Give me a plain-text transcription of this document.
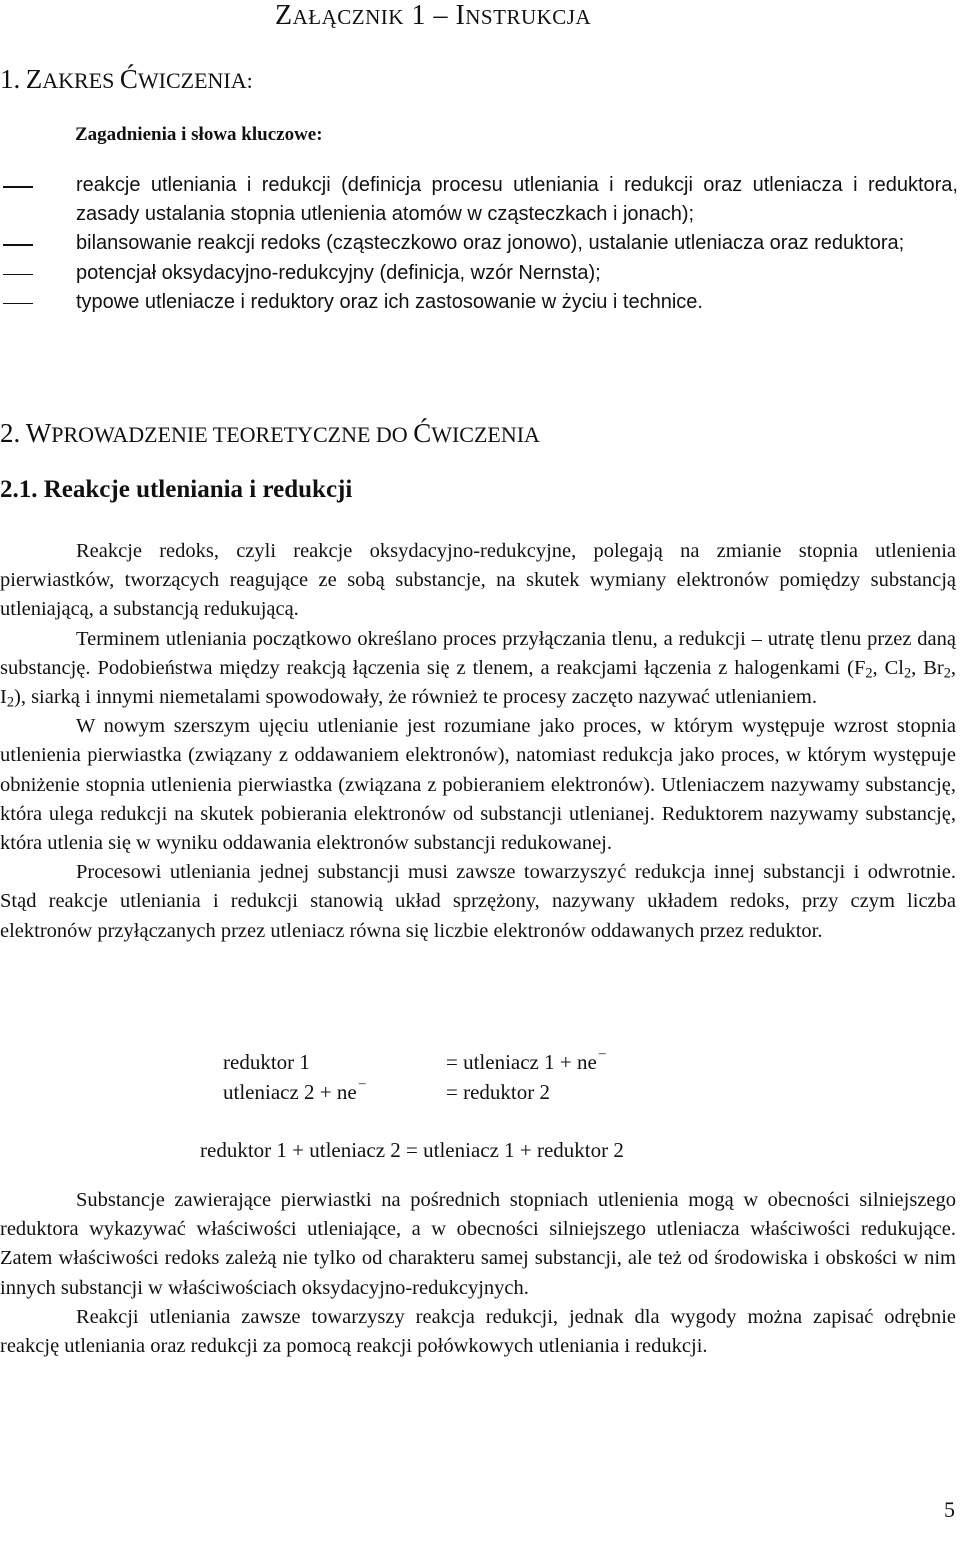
ZAŁĄCZNIK 1 – INSTRUKCJA
1. ZAKRES ĆWICZENIA:
Zagadnienia i słowa kluczowe:
reakcje utleniania i redukcji (definicja procesu utleniania i redukcji oraz utleniacza i reduktora, zasady ustalania stopnia utlenienia atomów w cząsteczkach i jonach);
bilansowanie reakcji redoks (cząsteczkowo oraz jonowo), ustalanie utleniacza oraz reduktora;
potencjał oksydacyjno-redukcyjny (definicja, wzór Nernsta);
typowe utleniacze i reduktory oraz ich zastosowanie w życiu i technice.
2. WPROWADZENIE TEORETYCZNE DO ĆWICZENIA
2.1. Reakcje utleniania i redukcji

Reakcje redoks, czyli reakcje oksydacyjno-redukcyjne, polegają na zmianie stopnia utlenienia pierwiastków, tworzących reagujące ze sobą substancje, na skutek wymiany elektronów pomiędzy substancją utleniającą, a substancją redukującą.

Terminem utleniania początkowo określano proces przyłączania tlenu, a redukcji – utratę tlenu przez daną substancję. Podobieństwa między reakcją łączenia się z tlenem, a reakcjami łączenia z halogenkami ($F_2$, $Cl_2$, $Br_2$, $I_2$), siarką i innymi niemetalami spowodowały, że również te procesy zaczęto nazywać utlenianiem.

W nowym szerszym ujęciu utlenianie jest rozumiane jako proces, w którym występuje wzrost stopnia utlenienia pierwiastka (związany z oddawaniem elektronów), natomiast redukcja jako proces, w którym występuje obniżenie stopnia utlenienia pierwiastka (związana z pobieraniem elektronów). Utleniaczem nazywamy substancję, która ulega redukcji na skutek pobierania elektronów od substancji utlenianej. Reduktorem nazywamy substancję, która utlenia się w wyniku oddawania elektronów substancji redukowanej.

Procesowi utleniania jednej substancji musi zawsze towarzyszyć redukcja innej substancji i odwrotnie. Stąd reakcje utleniania i redukcji stanowią układ sprzężony, nazywany układem redoks, przy czym liczba elektronów przyłączanych przez utleniacz równa się liczbie elektronów oddawanych przez reduktor.

reduktor 1	= utleniacz 1 + ne –
utleniacz 2 + ne –	= reduktor 2
reduktor 1 + utleniacz 2 = utleniacz 1 + reduktor 2

Substancje zawierające pierwiastki na pośrednich stopniach utlenienia mogą w obecności silniejszego reduktora wykazywać właściwości utleniające, a w obecności silniejszego utleniacza właściwości redukujące. Zatem właściwości redoks zależą nie tylko od charakteru samej substancji, ale też od środowiska i obskości w nim innych substancji w właściwościach oksydacyjno-redukcyjnych.

Reakcji utleniania zawsze towarzyszy reakcja redukcji, jednak dla wygody można zapisać odrębnie reakcję utleniania oraz redukcji za pomocą reakcji połówkowych utleniania i redukcji.

5
